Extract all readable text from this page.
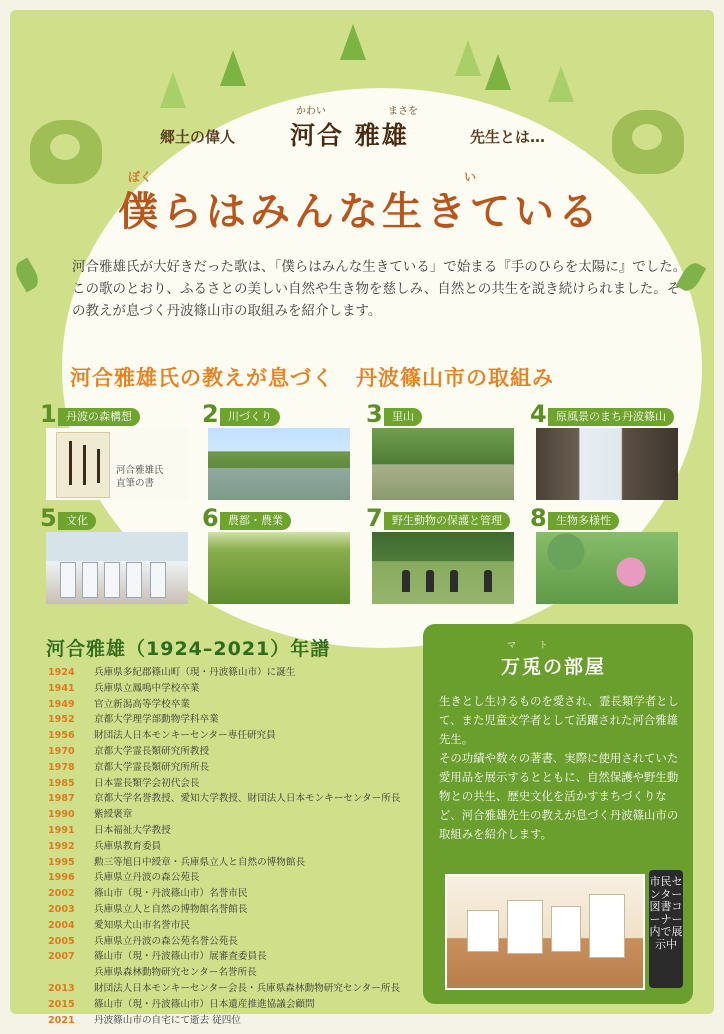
郷土の偉人
かわい	まさを
河合 雅雄	先生とは…
ぼく	い
僕らはみんな生きている

河合雅雄氏が大好きだった歌は、「僕らはみんな生きている」で始まる『手のひらを太陽に』でした。

この歌のとおり、ふるさとの美しい自然や生き物を慈しみ、自然との共生を説き続けられました。その教えが息づく丹波篠山市の取組みを紹介します。

河合雅雄氏の教えが息づく　丹波篠山市の取組み
河合雅雄氏
直筆の書
1 丹波の森構想	2 川づくり	3 里山	4 原風景のまち丹波篠山
5 文化	6 農都・農業	7 野生動物の保護と管理	8 生物多様性
河合雅雄（1924–2021）年譜
1924	兵庫県多紀郡篠山町（現・丹波篠山市）に誕生
1941	兵庫県立鳳鳴中学校卒業
1949	官立新潟高等学校卒業
1952	京都大学理学部動物学科卒業
1956	財団法人日本モンキーセンター専任研究員
1970	京都大学霊長類研究所教授
1978	京都大学霊長類研究所所長
1985	日本霊長類学会初代会長
1987	京都大学名誉教授、愛知大学教授、財団法人日本モンキーセンター所長
1990	紫綬褒章
1991	日本福祉大学教授
1992	兵庫県教育委員
1995	勲三等旭日中綬章・兵庫県立人と自然の博物館長
1996	兵庫県立丹波の森公苑長
2002	篠山市（現・丹波篠山市）名誉市民
2003	兵庫県立人と自然の博物館名誉館長
2004	愛知県犬山市名誉市民
2005	兵庫県立丹波の森公苑名誉公苑長
2007	篠山市（現・丹波篠山市）展審査委員長
兵庫県森林動物研究センター名誉所長
2013	財団法人日本モンキーセンター会長・兵庫県森林動物研究センター所長
2015	篠山市（現・丹波篠山市）日本遺産推進協議会顧問
2021	丹波篠山市の自宅にて逝去 従四位
マ ト
万兎の部屋

生きとし生けるものを愛され、霊長類学者として、また児童文学者として活躍された河合雅雄先生。

その功績や数々の著書、実際に使用されていた愛用品を展示するとともに、自然保護や野生動物との共生、歴史文化を活かすまちづくりなど、河合雅雄先生の教えが息づく丹波篠山市の取組みを紹介します。

市民センター
図書コーナー内で展示中
